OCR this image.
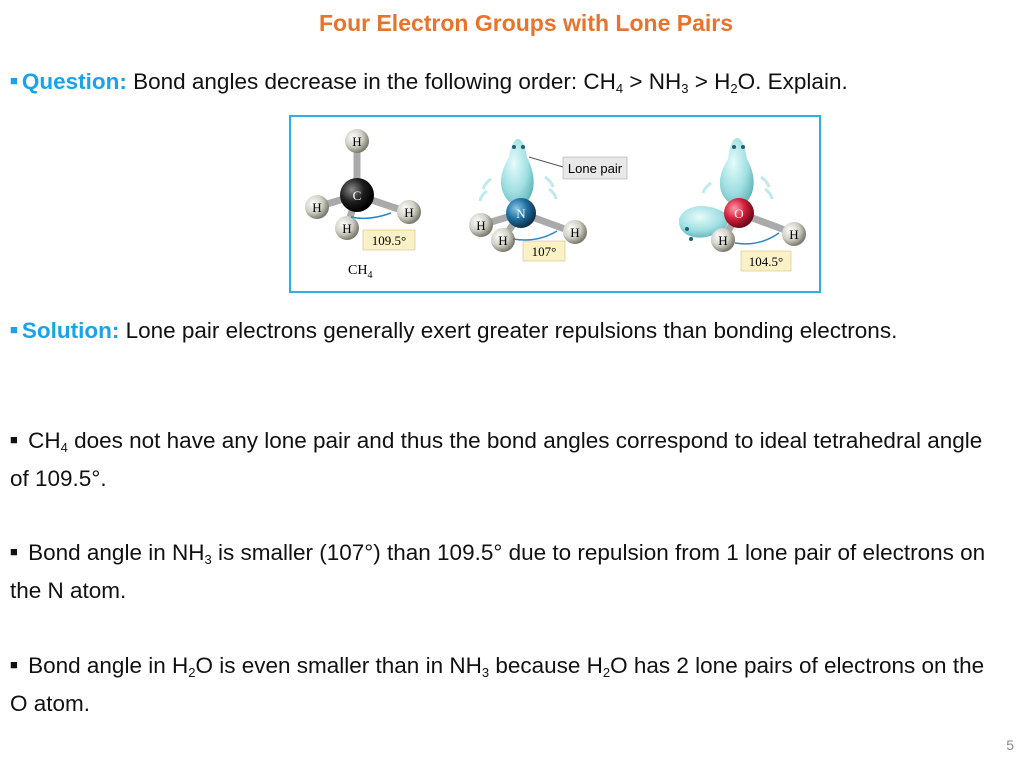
Four Electron Groups with Lone Pairs
■ Question: Bond angles decrease in the following order: $CH_4 > NH_3 > H_2O$. Explain.
C
H
H	H
H
109.5°
$CH_4$
Lone pair
N
H	H
H
107°
O
H
H
104.5°
■ Solution: Lone pair electrons generally exert greater repulsions than bonding electrons.
■ $CH_4$ does not have any lone pair and thus the bond angles correspond to ideal tetrahedral angle of 109.5°.
■ Bond angle in $NH_3$ is smaller (107°) than 109.5° due to repulsion from 1 lone pair of electrons on the N atom.
■ Bond angle in $H_2O$ is even smaller than in $NH_3$ because $H_2O$ has 2 lone pairs of electrons on the O atom.
5
